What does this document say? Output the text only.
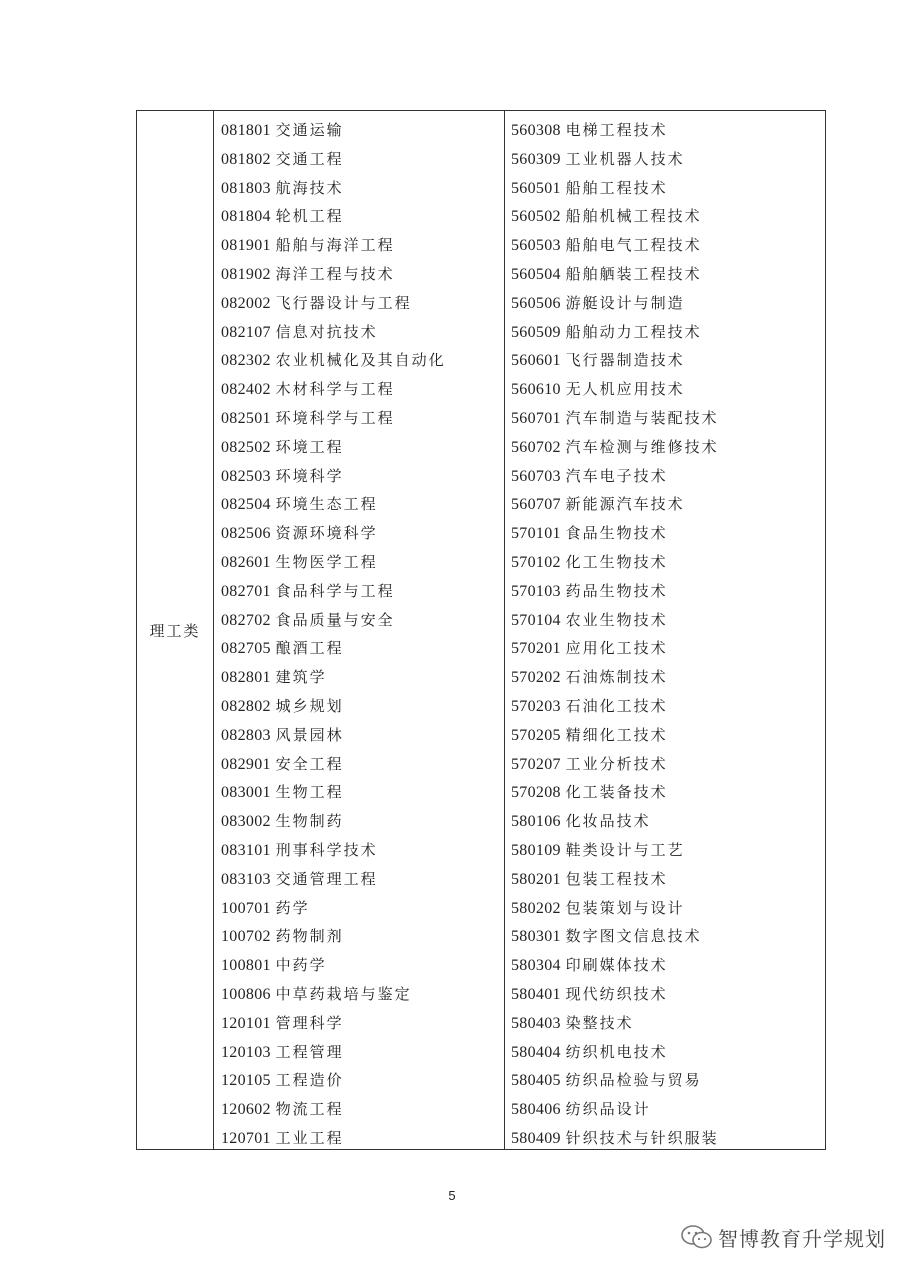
理工类
081801 交通运输
081802 交通工程
081803 航海技术
081804 轮机工程
081901 船舶与海洋工程
081902 海洋工程与技术
082002 飞行器设计与工程
082107 信息对抗技术
082302 农业机械化及其自动化
082402 木材科学与工程
082501 环境科学与工程
082502 环境工程
082503 环境科学
082504 环境生态工程
082506 资源环境科学
082601 生物医学工程
082701 食品科学与工程
082702 食品质量与安全
082705 酿酒工程
082801 建筑学
082802 城乡规划
082803 风景园林
082901 安全工程
083001 生物工程
083002 生物制药
083101 刑事科学技术
083103 交通管理工程
100701 药学
100702 药物制剂
100801 中药学
100806 中草药栽培与鉴定
120101 管理科学
120103 工程管理
120105 工程造价
120602 物流工程
120701 工业工程
560308 电梯工程技术
560309 工业机器人技术
560501 船舶工程技术
560502 船舶机械工程技术
560503 船舶电气工程技术
560504 船舶舾装工程技术
560506 游艇设计与制造
560509 船舶动力工程技术
560601 飞行器制造技术
560610 无人机应用技术
560701 汽车制造与装配技术
560702 汽车检测与维修技术
560703 汽车电子技术
560707 新能源汽车技术
570101 食品生物技术
570102 化工生物技术
570103 药品生物技术
570104 农业生物技术
570201 应用化工技术
570202 石油炼制技术
570203 石油化工技术
570205 精细化工技术
570207 工业分析技术
570208 化工装备技术
580106 化妆品技术
580109 鞋类设计与工艺
580201 包装工程技术
580202 包装策划与设计
580301 数字图文信息技术
580304 印刷媒体技术
580401 现代纺织技术
580403 染整技术
580404 纺织机电技术
580405 纺织品检验与贸易
580406 纺织品设计
580409 针织技术与针织服装
5
智博教育升学规划
